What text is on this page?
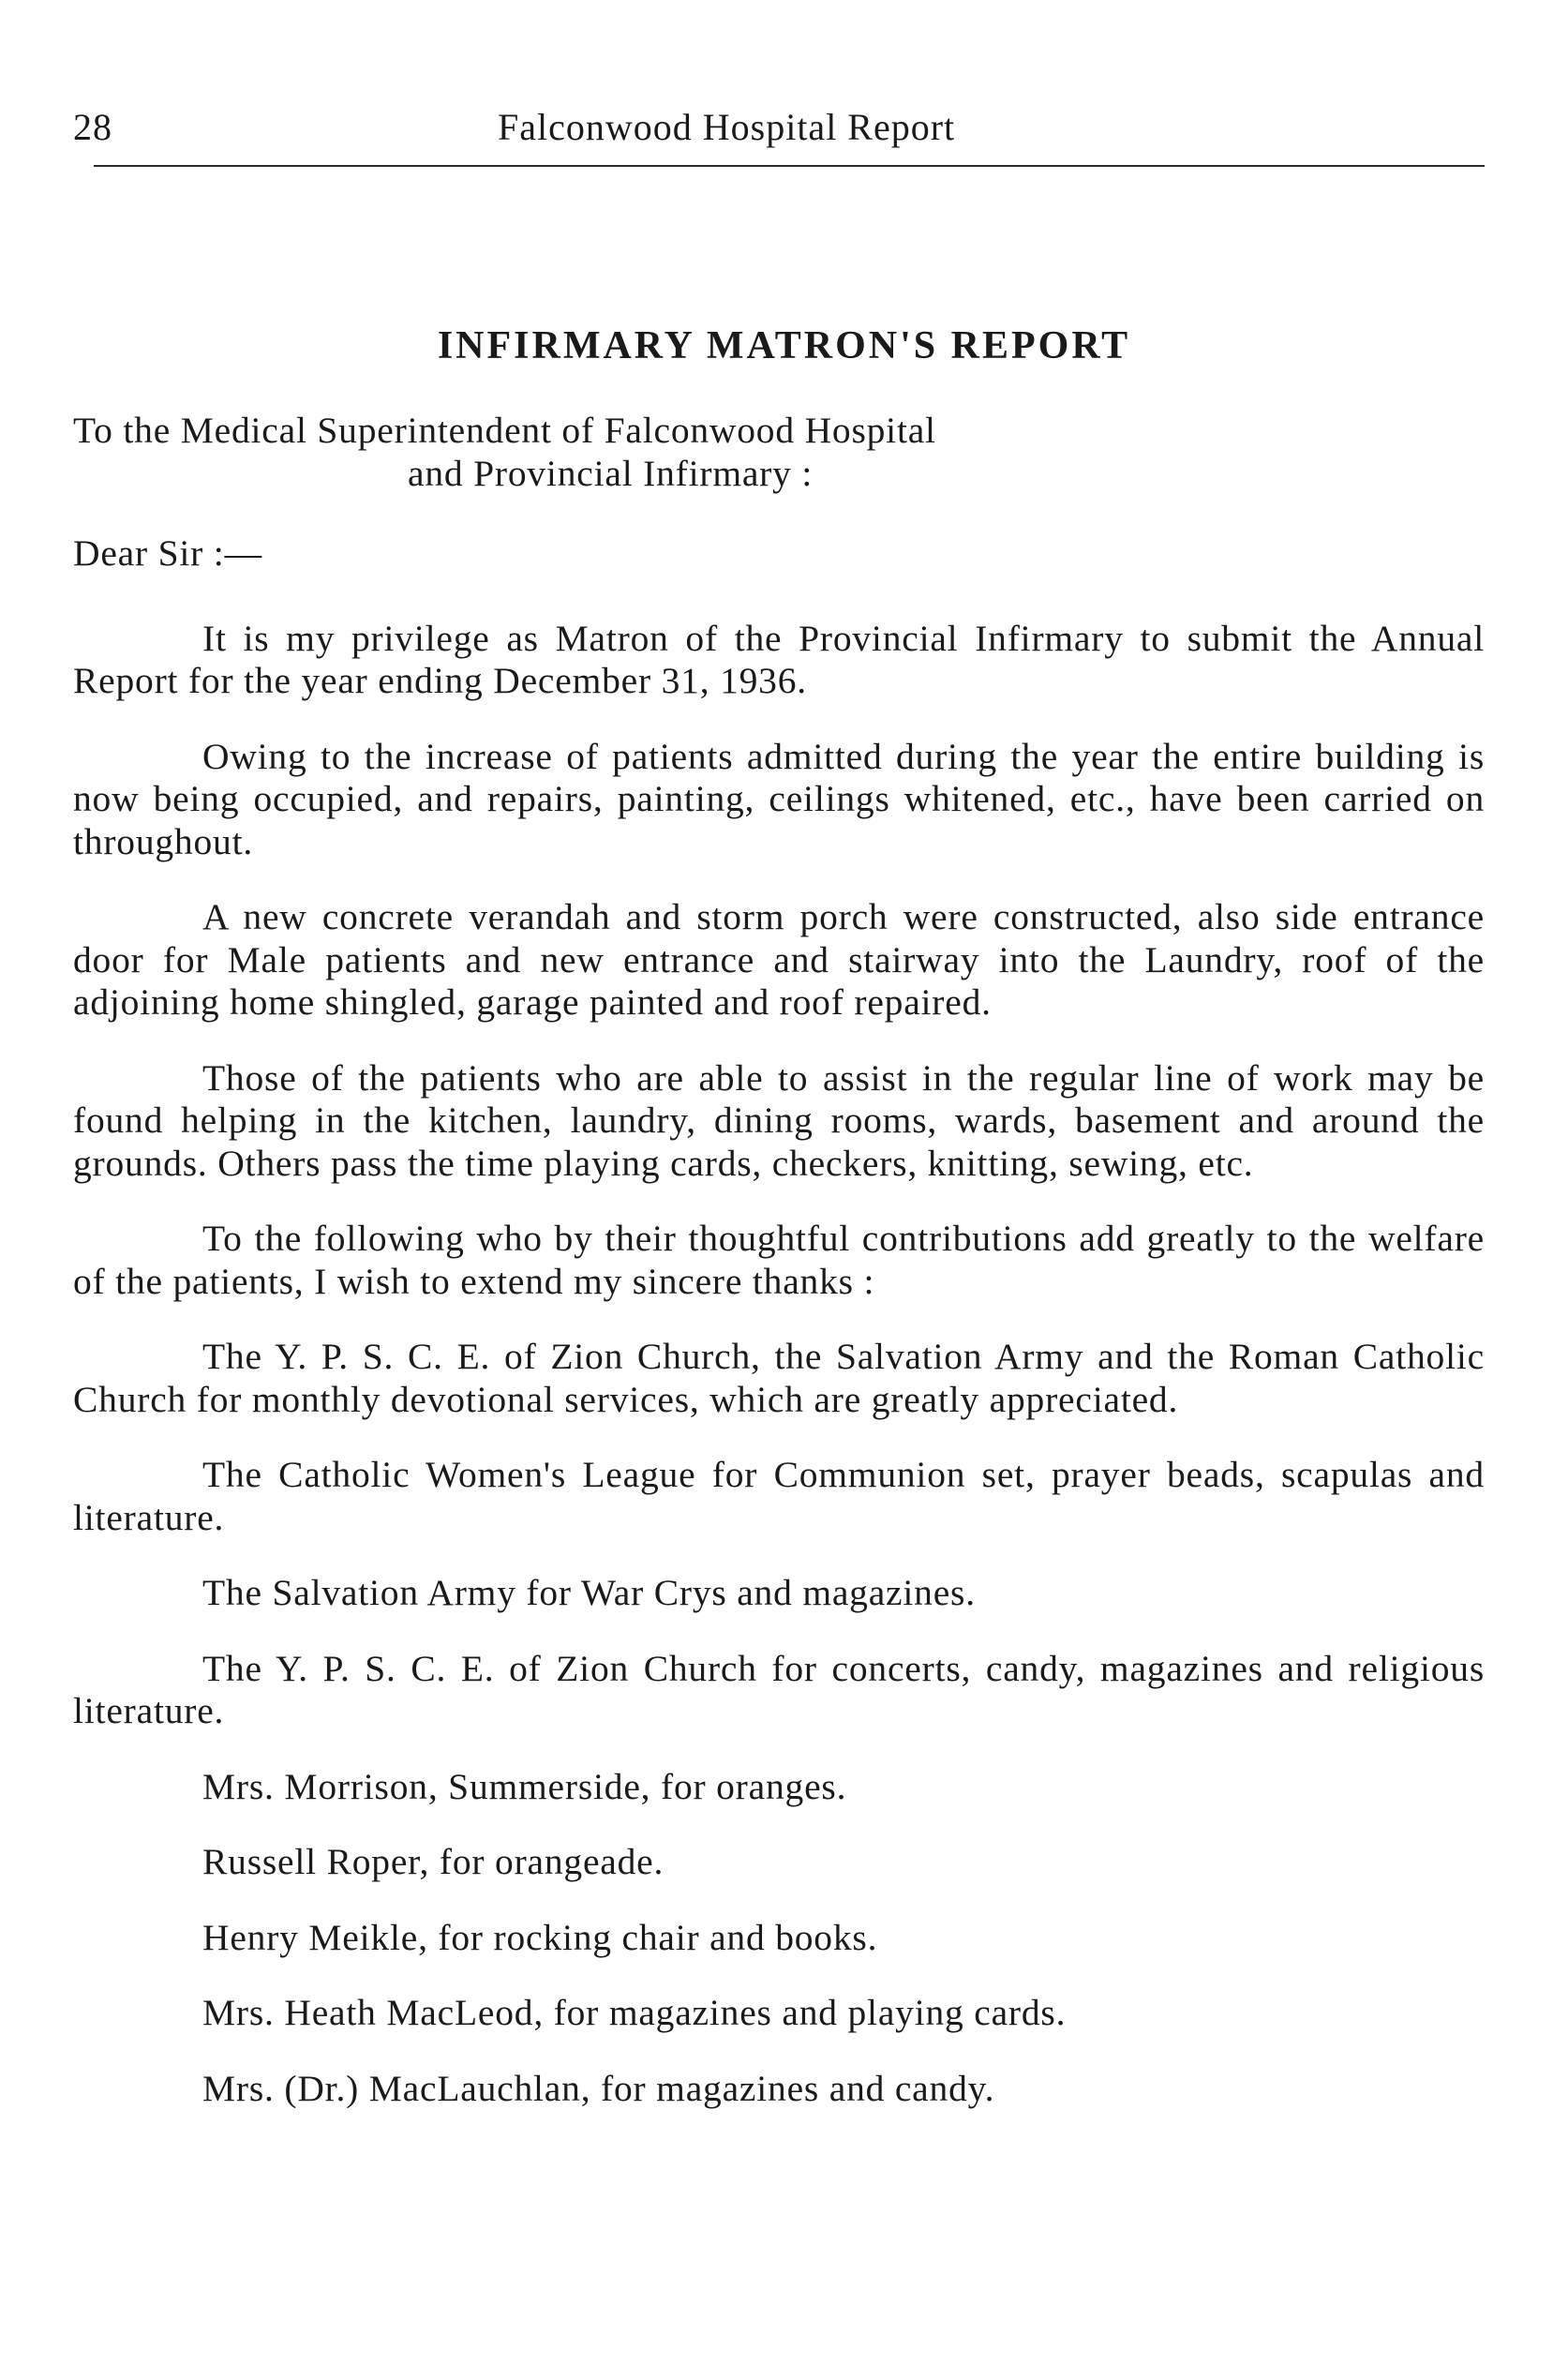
28	Falconwood Hospital Report
INFIRMARY MATRON'S REPORT

To the Medical Superintendent of Falconwood Hospital

and Provincial Infirmary :

Dear Sir :—

It is my privilege as Matron of the Provincial Infirmary to submit the Annual Report for the year ending December 31, 1936.

Owing to the increase of patients admitted during the year the entire building is now being occupied, and repairs, painting, ceilings whitened, etc., have been carried on throughout.

A new concrete verandah and storm porch were constructed, also side entrance door for Male patients and new entrance and stairway into the Laundry, roof of the adjoining home shingled, garage painted and roof repaired.

Those of the patients who are able to assist in the regular line of work may be found helping in the kitchen, laundry, dining rooms, wards, basement and around the grounds. Others pass the time playing cards, checkers, knitting, sewing, etc.

To the following who by their thoughtful contributions add greatly to the welfare of the patients, I wish to extend my sincere thanks :

The Y. P. S. C. E. of Zion Church, the Salvation Army and the Roman Catholic Church for monthly devotional services, which are greatly appreciated.

The Catholic Women's League for Communion set, prayer beads, scapulas and literature.

The Salvation Army for War Crys and magazines.

The Y. P. S. C. E. of Zion Church for concerts, candy, magazines and religious literature.

Mrs. Morrison, Summerside, for oranges.

Russell Roper, for orangeade.

Henry Meikle, for rocking chair and books.

Mrs. Heath MacLeod, for magazines and playing cards.

Mrs. (Dr.) MacLauchlan, for magazines and candy.
